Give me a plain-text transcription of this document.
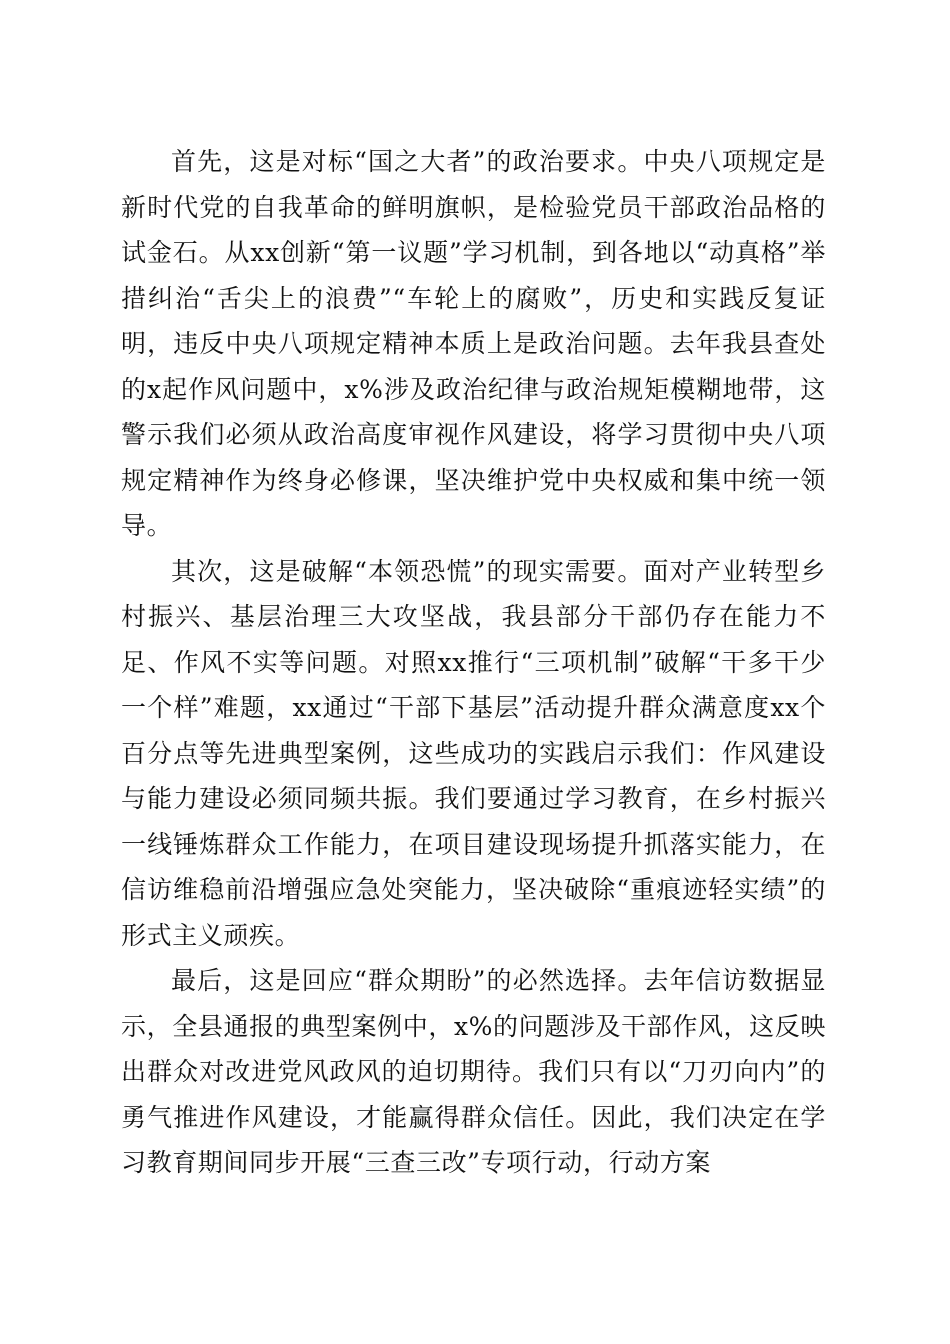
首先，这是对标“国之大者”的政治要求。中央八项规定是新时代党的自我革命的鲜明旗帜，是检验党员干部政治品格的试金石。从xx创新“第一议题”学习机制，到各地以“动真格”举措纠治“舌尖上的浪费”“车轮上的腐败”，历史和实践反复证明，违反中央八项规定精神本质上是政治问题。去年我县查处的x起作风问题中，x%涉及政治纪律与政治规矩模糊地带，这警示我们必须从政治高度审视作风建设，将学习贯彻中央八项规定精神作为终身必修课，坚决维护党中央权威和集中统一领导。

其次，这是破解“本领恐慌”的现实需要。面对产业转型乡村振兴、基层治理三大攻坚战，我县部分干部仍存在能力不足、作风不实等问题。对照xx推行“三项机制”破解“干多干少一个样”难题，xx通过“干部下基层”活动提升群众满意度xx个百分点等先进典型案例，这些成功的实践启示我们：作风建设与能力建设必须同频共振。我们要通过学习教育，在乡村振兴一线锤炼群众工作能力，在项目建设现场提升抓落实能力，在信访维稳前沿增强应急处突能力，坚决破除“重痕迹轻实绩”的形式主义顽疾。

最后，这是回应“群众期盼”的必然选择。去年信访数据显示，全县通报的典型案例中，x%的问题涉及干部作风，这反映出群众对改进党风政风的迫切期待。我们只有以“刀刃向内”的勇气推进作风建设，才能赢得群众信任。因此，我们决定在学习教育期间同步开展“三查三改”专项行动，行动方案
